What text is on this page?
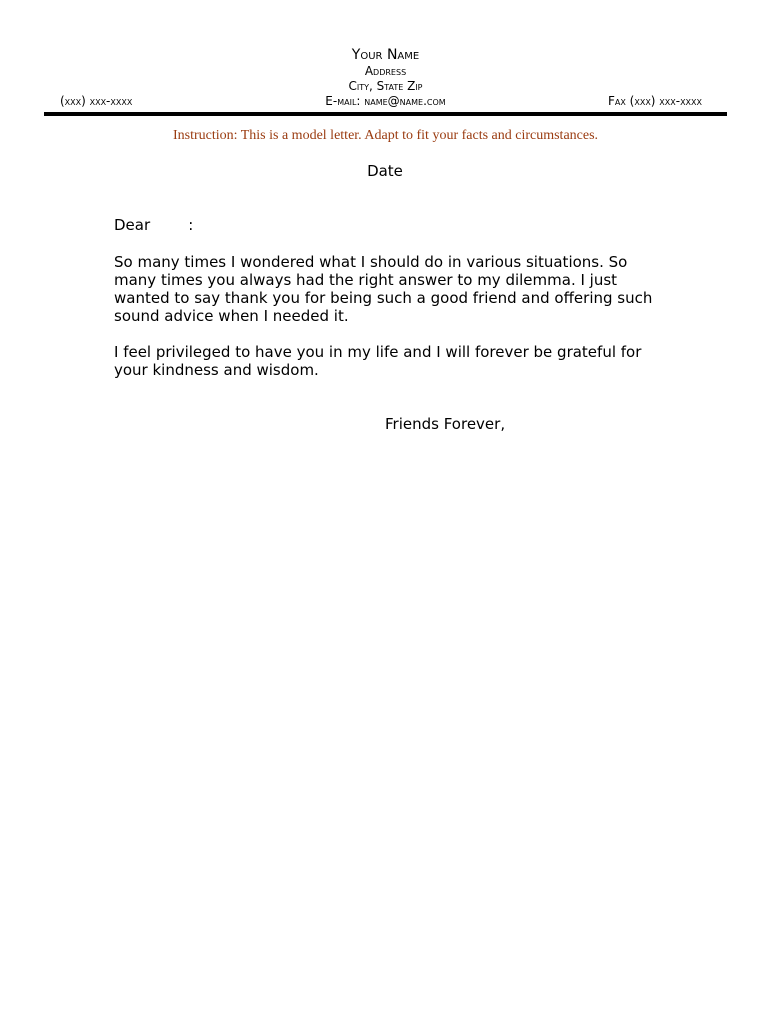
Your Name
Address
City, State Zip
(xxx) xxx-xxxx	E-mail: name@name.com	Fax (xxx) xxx-xxxx
Instruction: This is a model letter. Adapt to fit your facts and circumstances.
Date
Dear        :
So many times I wondered what I should do in various situations. So many times you always had the right answer to my dilemma. I just wanted to say thank you for being such a good friend and offering such sound advice when I needed it.
I feel privileged to have you in my life and I will forever be grateful for your kindness and wisdom.
Friends Forever,
